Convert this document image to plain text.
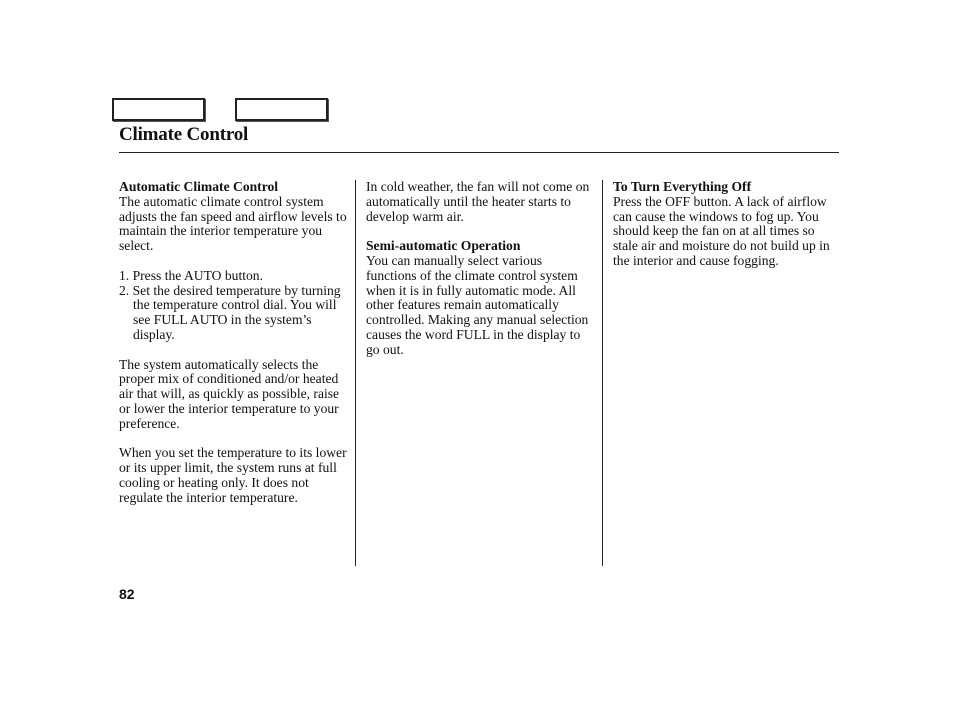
Climate Control
Automatic Climate Control
The automatic climate control system adjusts the fan speed and airflow levels to maintain the interior temperature you select.
1. Press the AUTO button.
2. Set the desired temperature by turning the temperature control dial. You will see FULL AUTO in the system’s display.
The system automatically selects the proper mix of conditioned and/or heated air that will, as quickly as possible, raise or lower the interior temperature to your preference.
When you set the temperature to its lower or its upper limit, the system runs at full cooling or heating only. It does not regulate the interior temperature.
In cold weather, the fan will not come on automatically until the heater starts to develop warm air.
Semi-automatic Operation
You can manually select various functions of the climate control system when it is in fully automatic mode. All other features remain automatically controlled. Making any manual selection causes the word FULL in the display to go out.
To Turn Everything Off
Press the OFF button. A lack of airflow can cause the windows to fog up. You should keep the fan on at all times so stale air and moisture do not build up in the interior and cause fogging.
82
